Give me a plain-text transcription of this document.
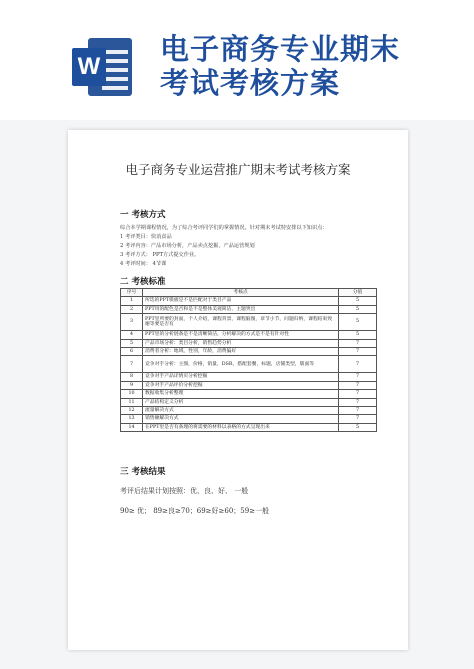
W
电子商务专业期末
考试考核方案
电子商务专业运营推广期末考试考核方案
一 考核方式
综合本学期课程情况，为了综合考评同学们的掌握情况，针对期末考试特安排以下知识点：
1 考评类目：快消食品
2 考评内容：产品市场分析，产品卖点挖掘，产品运营规划
3 考评方式： PPT方式提交作业。
4 考评时间： 4节课
二 考核标准
序号	考核点	分值
1	所选的PPT模板是不是匹配对于类目产品	5
2	PPT用的配色是否和是不是整体美观简洁，主题突出	5
3	PPT里所要的封面，个人介绍，课程背景，课程脑图，章节小节，问题归纳，课程结束致谢等要是否有	5
4	PPT里的分析链条是不是清晰简洁，分析解决的方式是不是有针对性	5
5	产品市场分析：类目分析，销售趋势分析	7
6	消费者分析：地域，性别，年龄，消费偏好	7
7	竞争对手分析：主图，价格，销量，DSR，搭配套餐，标题，店铺类型，版面等	7
8	竞争对手产品详情页分析挖掘	7
9	竞争对手产品评价分析挖掘	7
10	数据收集分析整理	7
11	产品结构定义分析	7
12	流量解决方式	7
13	销售额解决方式	7
14	在PPT里是否有条理的将需要的材料以表格的方式呈现出来	5
三 考核结果
考评后结果计划按照：优、良、好、 一般
90≥ 优； 89≥良≥70；69≥好≥60；59≥一般
